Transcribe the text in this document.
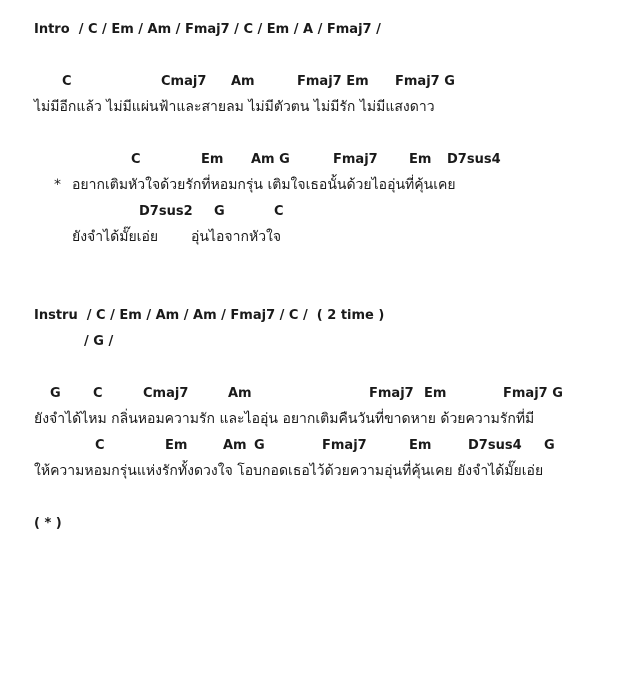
Intro  / C / Em / Am / Fmaj7 / C / Em / A / Fmaj7 /
C	Cmaj7 Am	Fmaj7 Em Fmaj7 G
ไม่มีอีกแล้ว ไม่มีแผ่นฟ้าและสายลม ไม่มีตัวตน ไม่มีรัก ไม่มีแสงดาว
C	Em Am G	Fmaj7 Em D7sus4
* อยากเติมหัวใจด้วยรักที่หอมกรุ่น เติมใจเธอนั้นด้วยไออุ่นที่คุ้นเคย
D7sus2 G	C
ยังจำได้มั๊ยเอ่ย อุ่นไอจากหัวใจ
Instru  / C / Em / Am / Am / Fmaj7 / C /  ( 2 time )
/ G /
G C	Cmaj7	Am	Fmaj7 Em	Fmaj7 G
ยังจำได้ไหม กลิ่นหอมความรัก และไออุ่น อยากเติมคืนวันที่ขาดหาย ด้วยความรักที่มี
C	Em	Am G	Fmaj7	Em	D7sus4 G
ให้ความหอมกรุ่นแห่งรักทั้งดวงใจ โอบกอดเธอไว้ด้วยความอุ่นที่คุ้นเคย ยังจำได้มั๊ยเอ่ย
( * )
